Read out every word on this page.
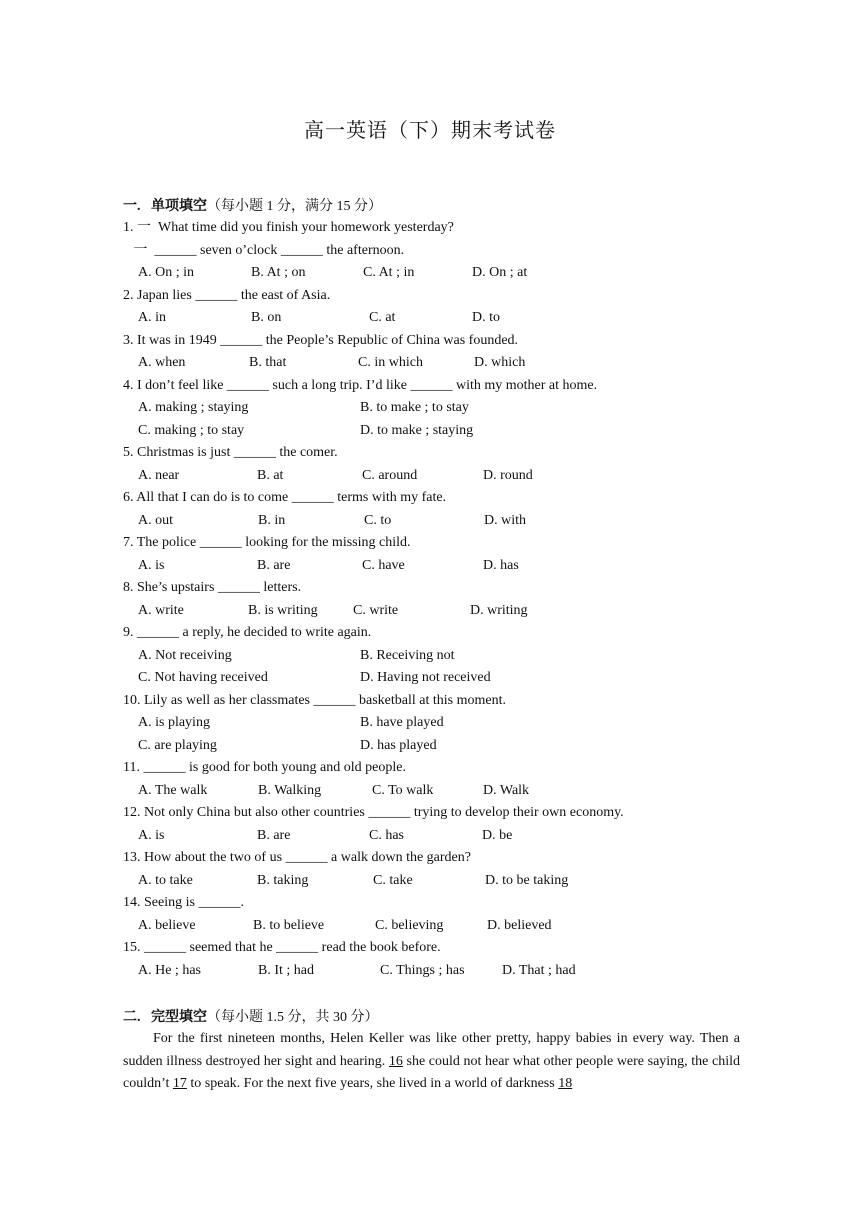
高一英语（下）期末考试卷
一. 单项填空（每小题 1 分，满分 15 分）
1. 一  What time did you finish your homework yesterday?
一  ______ seven o’clock ______ the afternoon.
A. On ; in	B. At ; on	C. At ; in	D. On ; at
2. Japan lies ______ the east of Asia.
A. in	B. on	C. at	D. to
3. It was in 1949 ______ the People’s Republic of China was founded.
A. when	B. that	C. in which	D. which
4. I don’t feel like ______ such a long trip. I’d like ______ with my mother at home.
A. making ; staying	B. to make ; to stay
C. making ; to stay	D. to make ; staying
5. Christmas is just ______ the comer.
A. near	B. at	C. around	D. round
6. All that I can do is to come ______ terms with my fate.
A. out	B. in	C. to	D. with
7. The police ______ looking for the missing child.
A. is	B. are	C. have	D. has
8. She’s upstairs ______ letters.
A. write	B. is writing	C. write	D. writing
9. ______ a reply, he decided to write again.
A. Not receiving	B. Receiving not
C. Not having received	D. Having not received
10. Lily as well as her classmates ______ basketball at this moment.
A. is playing	B. have played
C. are playing	D. has played
11. ______ is good for both young and old people.
A. The walk	B. Walking	C. To walk	D. Walk
12. Not only China but also other countries ______ trying to develop their own economy.
A. is	B. are	C. has	D. be
13. How about the two of us ______ a walk down the garden?
A. to take	B. taking	C. take	D. to be taking
14. Seeing is ______.
A. believe	B. to believe	C. believing	D. believed
15. ______ seemed that he ______ read the book before.
A. He ; has	B. It ; had	C. Things ; has	D. That ; had
二. 完型填空（每小题 1.5 分，共 30 分）
For the first nineteen months, Helen Keller was like other pretty, happy babies in every way. Then a sudden illness destroyed her sight and hearing. 16 she could not hear what other people were saying, the child couldn’t 17 to speak. For the next five years, she lived in a world of darkness 18
